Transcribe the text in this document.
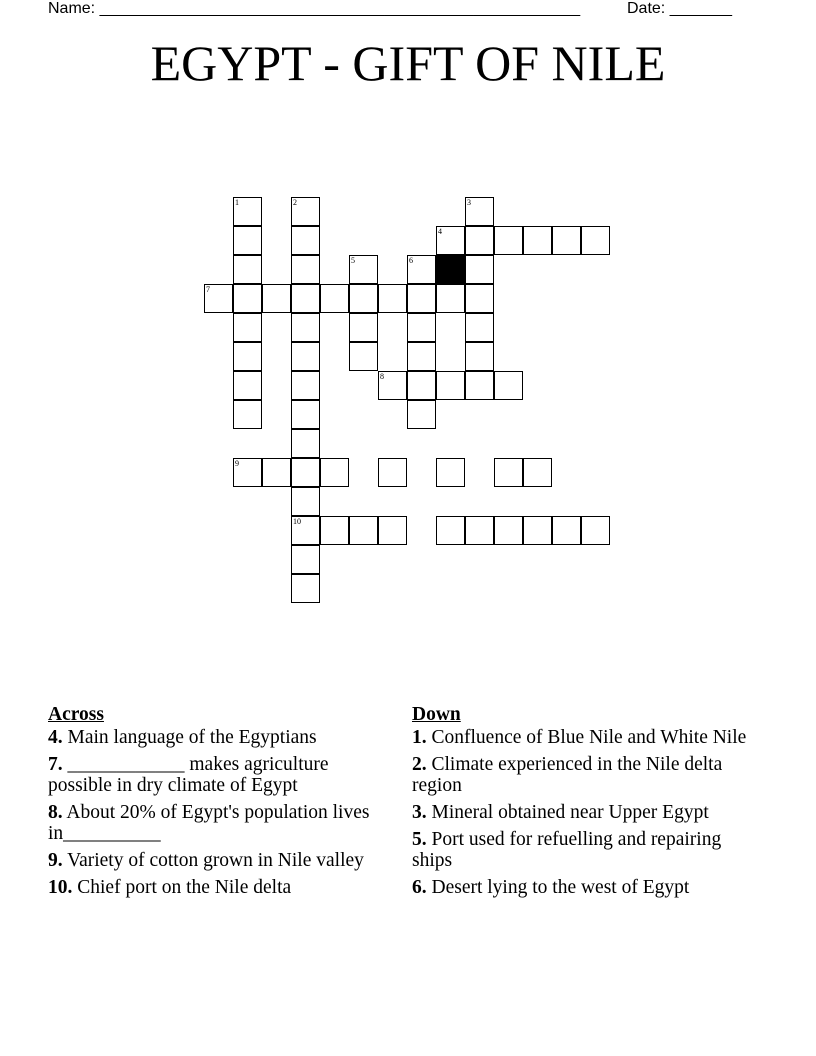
Name: ______________________________________________________	Date: _______
EGYPT - GIFT OF NILE
1	2
10
3
4
5	6
7
8
9
Across
4. Main language of the Egyptians
7. ____________ makes agriculture possible in dry climate of Egypt
8. About 20% of Egypt's population lives in__________
9. Variety of cotton grown in Nile valley
10. Chief port on the Nile delta
Down
1. Confluence of Blue Nile and White Nile
2. Climate experienced in the Nile delta region
3. Mineral obtained near Upper Egypt
5. Port used for refuelling and repairing ships
6. Desert lying to the west of Egypt
